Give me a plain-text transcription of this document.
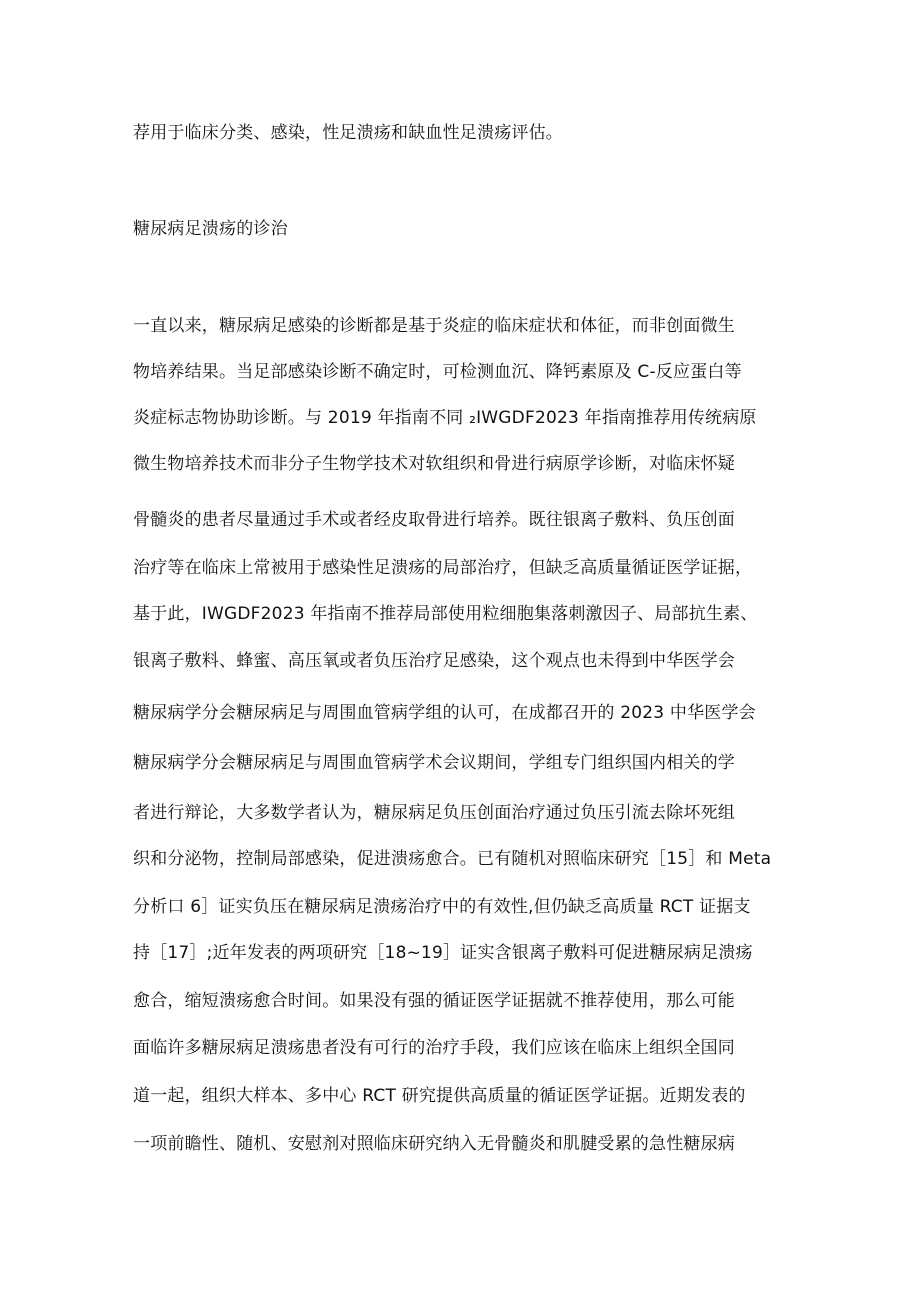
荐用于临床分类、感染，性足溃疡和缺血性足溃疡评估。
糖尿病足溃疡的诊治
一直以来，糖尿病足感染的诊断都是基于炎症的临床症状和体征，而非创面微生
物培养结果。当足部感染诊断不确定时，可检测血沉、降钙素原及 C-反应蛋白等
炎症标志物协助诊断。与 2019 年指南不同 ₂IWGDF2023 年指南推荐用传统病原
微生物培养技术而非分子生物学技术对软组织和骨进行病原学诊断，对临床怀疑
骨髓炎的患者尽量通过手术或者经皮取骨进行培养。既往银离子敷料、负压创面
治疗等在临床上常被用于感染性足溃疡的局部治疗，但缺乏高质量循证医学证据，
基于此，IWGDF2023 年指南不推荐局部使用粒细胞集落刺激因子、局部抗生素、
银离子敷料、蜂蜜、高压氧或者负压治疗足感染，这个观点也未得到中华医学会
糖尿病学分会糖尿病足与周围血管病学组的认可，在成都召开的 2023 中华医学会
糖尿病学分会糖尿病足与周围血管病学术会议期间，学组专门组织国内相关的学
者进行辩论，大多数学者认为，糖尿病足负压创面治疗通过负压引流去除坏死组
织和分泌物，控制局部感染，促进溃疡愈合。已有随机对照临床研究［15］和 Meta
分析口 6］证实负压在糖尿病足溃疡治疗中的有效性,但仍缺乏高质量 RCT 证据支
持［17］;近年发表的两项研究［18~19］证实含银离子敷料可促进糖尿病足溃疡
愈合，缩短溃疡愈合时间。如果没有强的循证医学证据就不推荐使用，那么可能
面临许多糖尿病足溃疡患者没有可行的治疗手段，我们应该在临床上组织全国同
道一起，组织大样本、多中心 RCT 研究提供高质量的循证医学证据。近期发表的
一项前瞻性、随机、安慰剂对照临床研究纳入无骨髓炎和肌腱受累的急性糖尿病
